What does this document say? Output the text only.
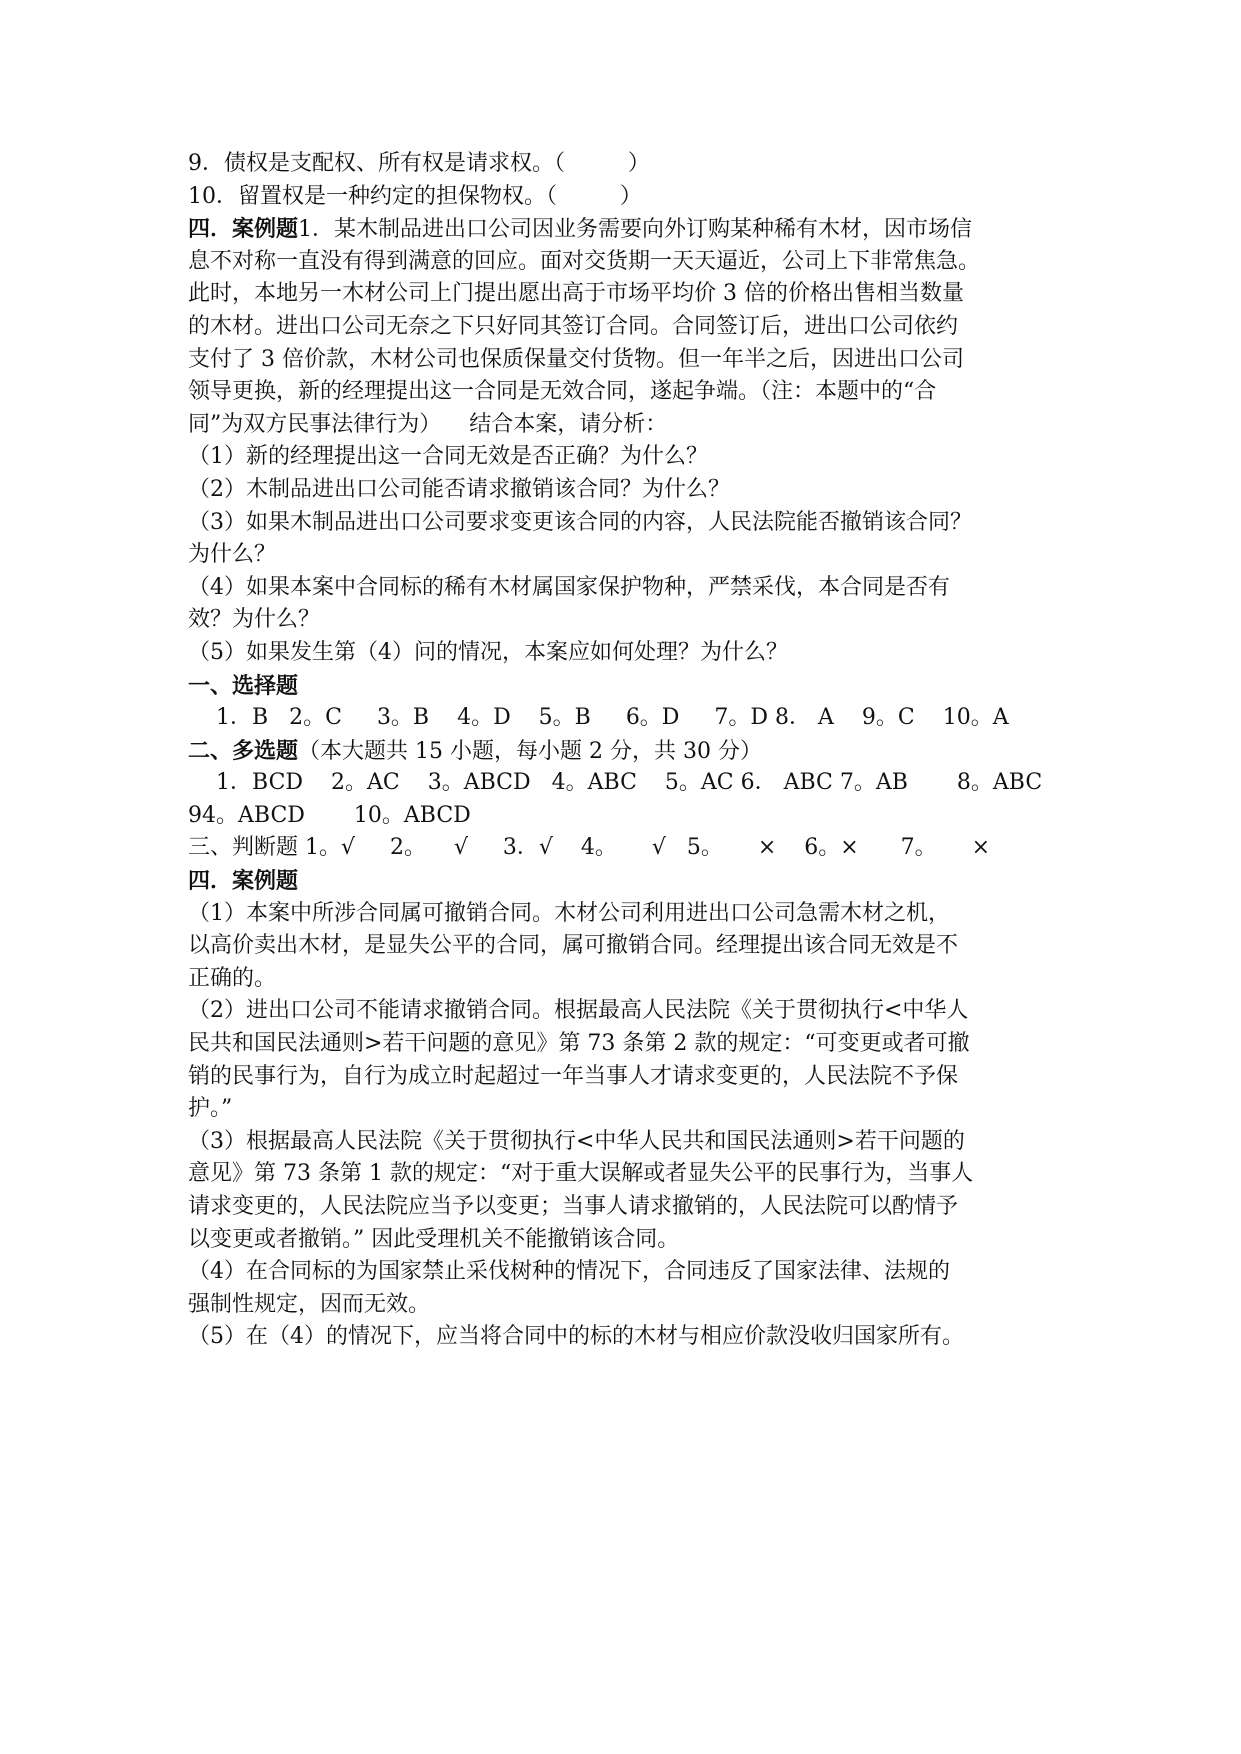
9．债权是支配权、所有权是请求权。（         ）
10．留置权是一种约定的担保物权。（         ）
四．案例题1．某木制品进出口公司因业务需要向外订购某种稀有木材，因市场信
息不对称一直没有得到满意的回应。面对交货期一天天逼近，公司上下非常焦急。
此时，本地另一木材公司上门提出愿出高于市场平均价 3 倍的价格出售相当数量
的木材。进出口公司无奈之下只好同其签订合同。合同签订后，进出口公司依约
支付了 3 倍价款，木材公司也保质保量交付货物。但一年半之后，因进出口公司
领导更换，新的经理提出这一合同是无效合同，遂起争端。（注：本题中的“合
同”为双方民事法律行为）    结合本案，请分析：
（1）新的经理提出这一合同无效是否正确？为什么？
（2）木制品进出口公司能否请求撤销该合同？为什么？
（3）如果木制品进出口公司要求变更该合同的内容，人民法院能否撤销该合同？
为什么？
（4）如果本案中合同标的稀有木材属国家保护物种，严禁采伐，本合同是否有
效？为什么？
（5）如果发生第（4）问的情况，本案应如何处理？为什么？
一、选择题
1．B   2。C     3。B    4。D    5。B     6。D     7。D 8． A    9。C    10。A
二、多选题（本大题共 15 小题，每小题 2 分，共 30 分）
1．BCD    2。AC    3。ABCD   4。ABC    5。AC 6． ABC 7。AB       8。ABC
94。ABCD       10。ABCD
三、判断题 1。√     2。    √     3．√    4。     √   5。     ×    6。×      7。     ×
四．案例题
（1）本案中所涉合同属可撤销合同。木材公司利用进出口公司急需木材之机，
以高价卖出木材，是显失公平的合同，属可撤销合同。经理提出该合同无效是不
正确的。
（2）进出口公司不能请求撤销合同。根据最高人民法院《关于贯彻执行<中华人
民共和国民法通则>若干问题的意见》第 73 条第 2 款的规定：“可变更或者可撤
销的民事行为，自行为成立时起超过一年当事人才请求变更的，人民法院不予保
护。”
（3）根据最高人民法院《关于贯彻执行<中华人民共和国民法通则>若干问题的
意见》第 73 条第 1 款的规定：“对于重大误解或者显失公平的民事行为，当事人
请求变更的，人民法院应当予以变更；当事人请求撤销的，人民法院可以酌情予
以变更或者撤销。” 因此受理机关不能撤销该合同。
（4）在合同标的为国家禁止采伐树种的情况下，合同违反了国家法律、法规的
强制性规定，因而无效。
（5）在（4）的情况下，应当将合同中的标的木材与相应价款没收归国家所有。
